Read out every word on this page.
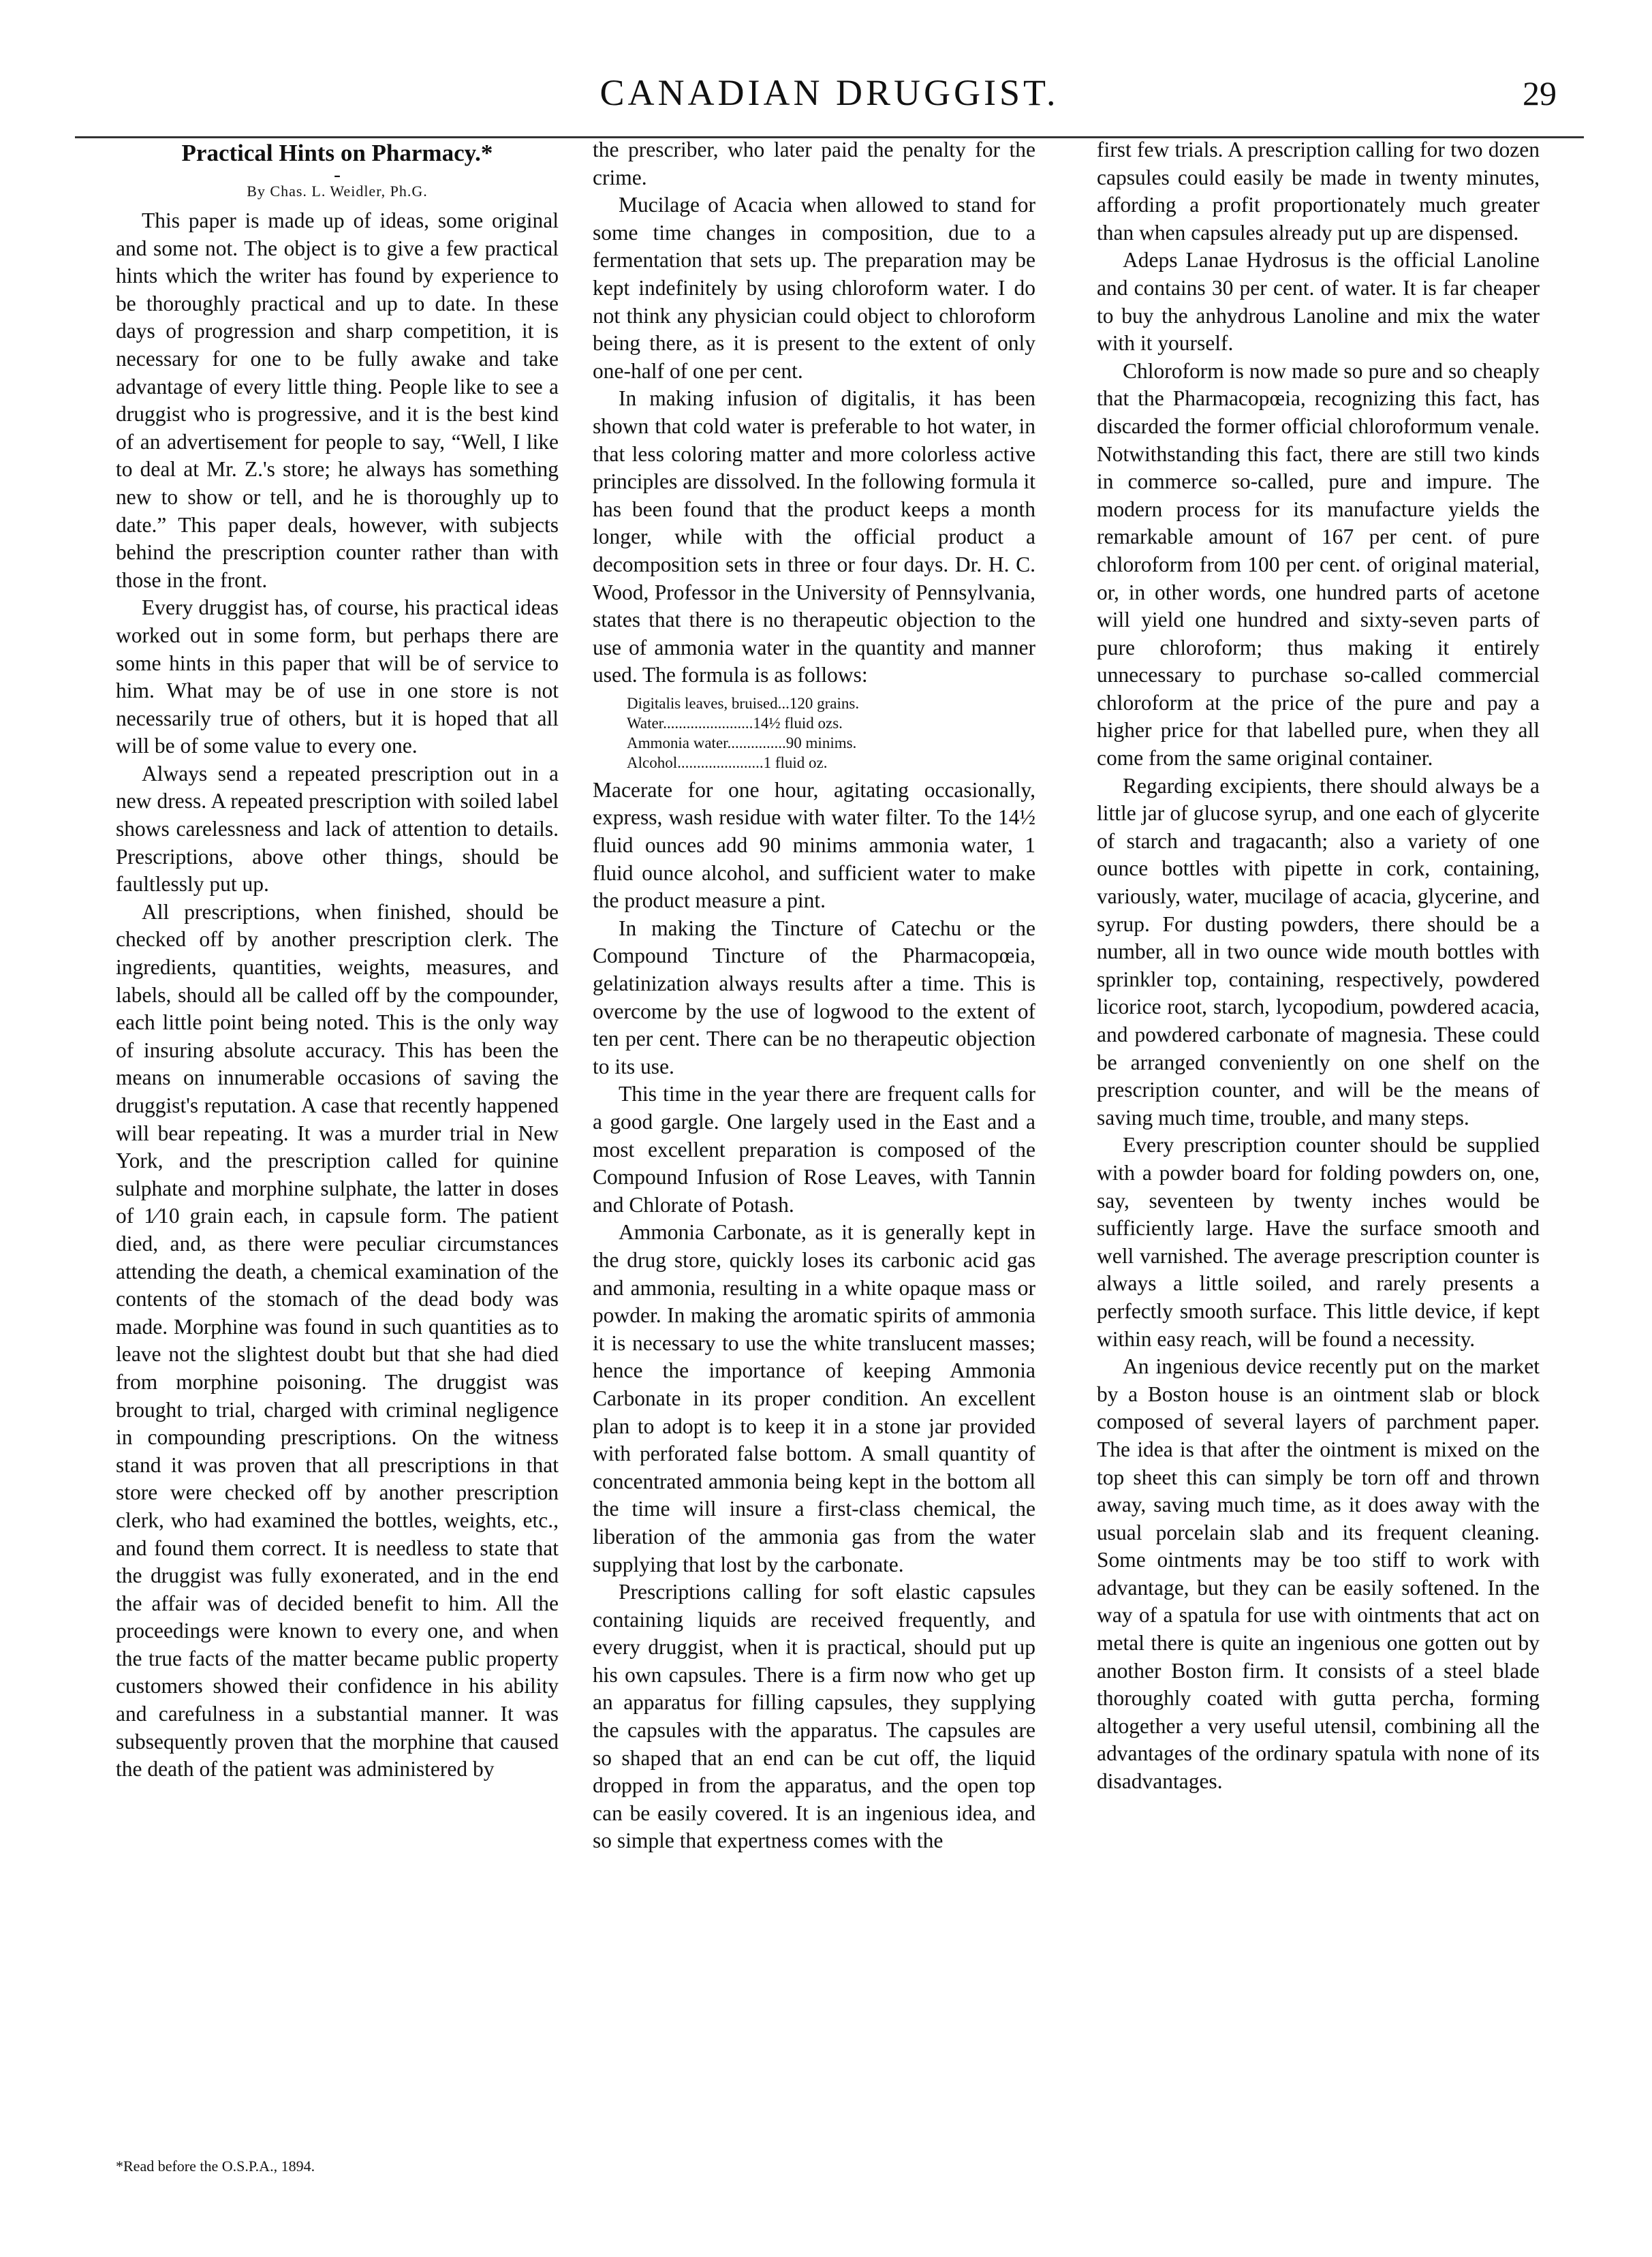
CANADIAN DRUGGIST.	29
Practical Hints on Pharmacy.*
-
By Chas. L. Weidler, Ph.G.

This paper is made up of ideas, some original and some not. The object is to give a few practical hints which the writer has found by experience to be thoroughly practical and up to date. In these days of progression and sharp competition, it is necessary for one to be fully awake and take advantage of every little thing. People like to see a druggist who is progressive, and it is the best kind of an advertisement for people to say, “Well, I like to deal at Mr. Z.'s store; he always has something new to show or tell, and he is thoroughly up to date.” This paper deals, however, with subjects behind the prescription counter rather than with those in the front.

Every druggist has, of course, his practical ideas worked out in some form, but perhaps there are some hints in this paper that will be of service to him. What may be of use in one store is not necessarily true of others, but it is hoped that all will be of some value to every one.

Always send a repeated prescription out in a new dress. A repeated prescription with soiled label shows carelessness and lack of attention to details. Prescriptions, above other things, should be faultlessly put up.

All prescriptions, when finished, should be checked off by another prescription clerk. The ingredients, quantities, weights, measures, and labels, should all be called off by the compounder, each little point being noted. This is the only way of insuring absolute accuracy. This has been the means on innumerable occasions of saving the druggist's reputation. A case that recently happened will bear repeating. It was a murder trial in New York, and the prescription called for quinine sulphate and morphine sulphate, the latter in doses of 1⁄10 grain each, in capsule form. The patient died, and, as there were peculiar circumstances attending the death, a chemical examination of the contents of the stomach of the dead body was made. Morphine was found in such quantities as to leave not the slightest doubt but that she had died from morphine poisoning. The druggist was brought to trial, charged with criminal negligence in compounding prescriptions. On the witness stand it was proven that all prescriptions in that store were checked off by another prescription clerk, who had examined the bottles, weights, etc., and found them correct. It is needless to state that the druggist was fully exonerated, and in the end the affair was of decided benefit to him. All the proceedings were known to every one, and when the true facts of the matter became public property customers showed their confidence in his ability and carefulness in a substantial manner. It was subsequently proven that the morphine that caused the death of the patient was administered by

*Read before the O.S.P.A., 1894.

the prescriber, who later paid the penalty for the crime.

Mucilage of Acacia when allowed to stand for some time changes in composition, due to a fermentation that sets up. The preparation may be kept indefinitely by using chloroform water. I do not think any physician could object to chloroform being there, as it is present to the extent of only one-half of one per cent.

In making infusion of digitalis, it has been shown that cold water is preferable to hot water, in that less coloring matter and more colorless active principles are dissolved. In the following formula it has been found that the product keeps a month longer, while with the official product a decomposition sets in three or four days. Dr. H. C. Wood, Professor in the University of Pennsylvania, states that there is no therapeutic objection to the use of ammonia water in the quantity and manner used. The formula is as follows:

Digitalis leaves, bruised...120 grains.
Water.......................14½ fluid ozs.
Ammonia water...............90 minims.
Alcohol......................1 fluid oz.

Macerate for one hour, agitating occasionally, express, wash residue with water filter. To the 14½ fluid ounces add 90 minims ammonia water, 1 fluid ounce alcohol, and sufficient water to make the product measure a pint.

In making the Tincture of Catechu or the Compound Tincture of the Pharmacopœia, gelatinization always results after a time. This is overcome by the use of logwood to the extent of ten per cent. There can be no therapeutic objection to its use.

This time in the year there are frequent calls for a good gargle. One largely used in the East and a most excellent preparation is composed of the Compound Infusion of Rose Leaves, with Tannin and Chlorate of Potash.

Ammonia Carbonate, as it is generally kept in the drug store, quickly loses its carbonic acid gas and ammonia, resulting in a white opaque mass or powder. In making the aromatic spirits of ammonia it is necessary to use the white translucent masses; hence the importance of keeping Ammonia Carbonate in its proper condition. An excellent plan to adopt is to keep it in a stone jar provided with perforated false bottom. A small quantity of concentrated ammonia being kept in the bottom all the time will insure a first-class chemical, the liberation of the ammonia gas from the water supplying that lost by the carbonate.

Prescriptions calling for soft elastic capsules containing liquids are received frequently, and every druggist, when it is practical, should put up his own capsules. There is a firm now who get up an apparatus for filling capsules, they supplying the capsules with the apparatus. The capsules are so shaped that an end can be cut off, the liquid dropped in from the apparatus, and the open top can be easily covered. It is an ingenious idea, and so simple that expertness comes with the

first few trials. A prescription calling for two dozen capsules could easily be made in twenty minutes, affording a profit proportionately much greater than when capsules already put up are dispensed.

Adeps Lanae Hydrosus is the official Lanoline and contains 30 per cent. of water. It is far cheaper to buy the anhydrous Lanoline and mix the water with it yourself.

Chloroform is now made so pure and so cheaply that the Pharmacopœia, recognizing this fact, has discarded the former official chloroformum venale. Notwithstanding this fact, there are still two kinds in commerce so-called, pure and impure. The modern process for its manufacture yields the remarkable amount of 167 per cent. of pure chloroform from 100 per cent. of original material, or, in other words, one hundred parts of acetone will yield one hundred and sixty-seven parts of pure chloroform; thus making it entirely unnecessary to purchase so-called commercial chloroform at the price of the pure and pay a higher price for that labelled pure, when they all come from the same original container.

Regarding excipients, there should always be a little jar of glucose syrup, and one each of glycerite of starch and tragacanth; also a variety of one ounce bottles with pipette in cork, containing, variously, water, mucilage of acacia, glycerine, and syrup. For dusting powders, there should be a number, all in two ounce wide mouth bottles with sprinkler top, containing, respectively, powdered licorice root, starch, lycopodium, powdered acacia, and powdered carbonate of magnesia. These could be arranged conveniently on one shelf on the prescription counter, and will be the means of saving much time, trouble, and many steps.

Every prescription counter should be supplied with a powder board for folding powders on, one, say, seventeen by twenty inches would be sufficiently large. Have the surface smooth and well varnished. The average prescription counter is always a little soiled, and rarely presents a perfectly smooth surface. This little device, if kept within easy reach, will be found a necessity.

An ingenious device recently put on the market by a Boston house is an ointment slab or block composed of several layers of parchment paper. The idea is that after the ointment is mixed on the top sheet this can simply be torn off and thrown away, saving much time, as it does away with the usual porcelain slab and its frequent cleaning. Some ointments may be too stiff to work with advantage, but they can be easily softened. In the way of a spatula for use with ointments that act on metal there is quite an ingenious one gotten out by another Boston firm. It consists of a steel blade thoroughly coated with gutta percha, forming altogether a very useful utensil, combining all the advantages of the ordinary spatula with none of its disadvantages.
